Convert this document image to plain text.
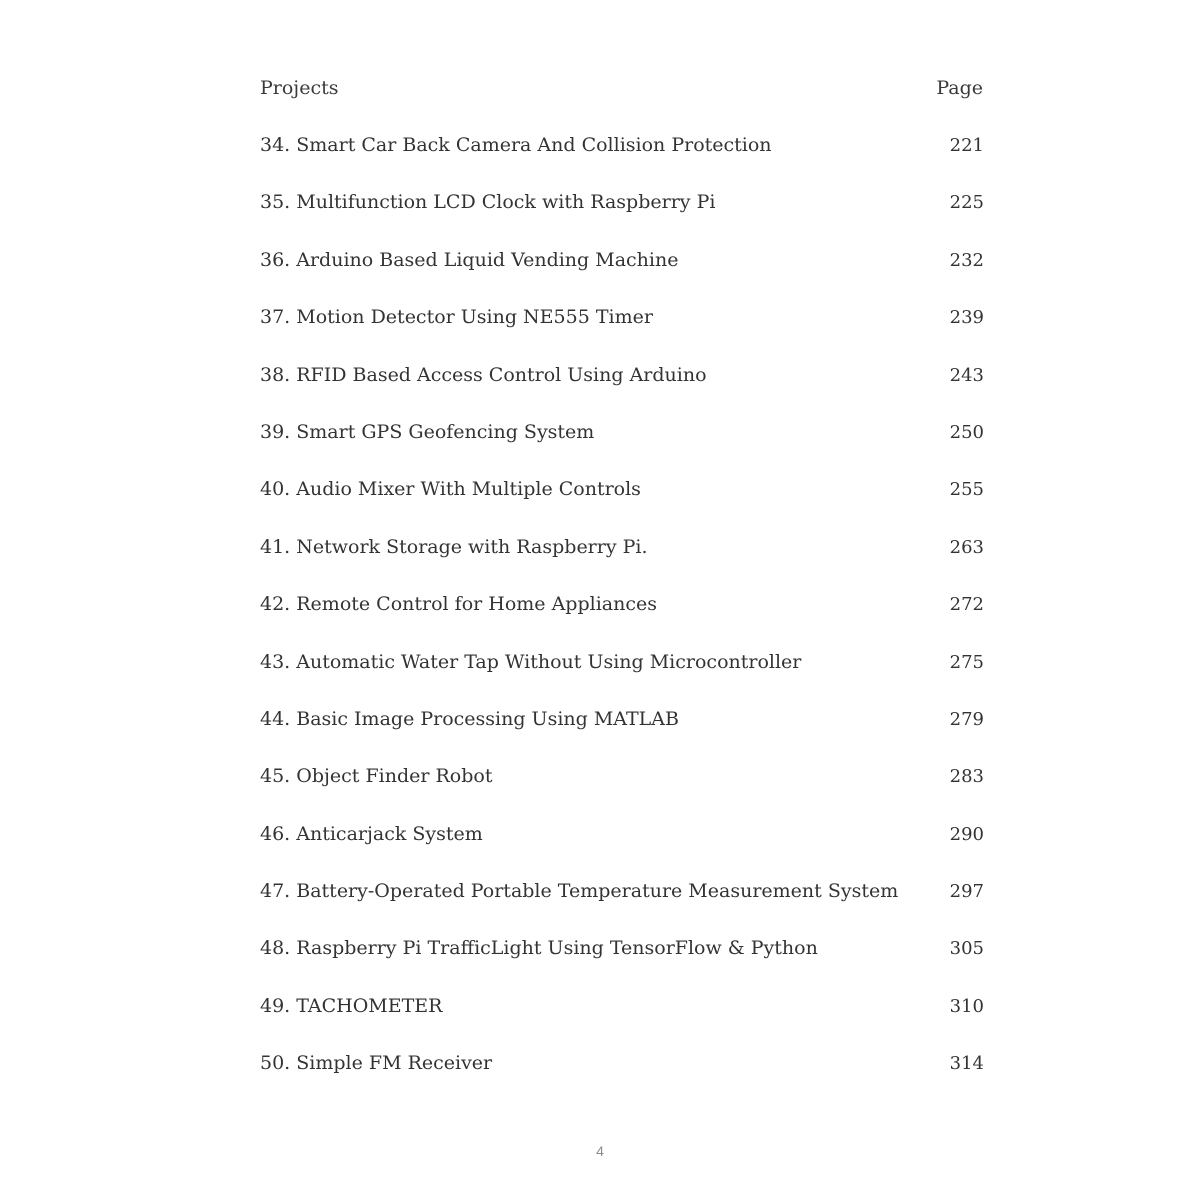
Projects	Page
34. Smart Car Back Camera And Collision Protection	221
35. Multifunction LCD Clock with Raspberry Pi	225
36. Arduino Based Liquid Vending Machine	232
37. Motion Detector Using NE555 Timer	239
38. RFID Based Access Control Using Arduino	243
39. Smart GPS Geofencing System	250
40. Audio Mixer With Multiple Controls	255
41. Network Storage with Raspberry Pi.	263
42. Remote Control for Home Appliances	272
43. Automatic Water Tap Without Using Microcontroller	275
44. Basic Image Processing Using MATLAB	279
45. Object Finder Robot	283
46. Anticarjack System	290
47. Battery-Operated Portable Temperature Measurement System	297
48. Raspberry Pi TrafficLight Using TensorFlow & Python	305
49. TACHOMETER	310
50. Simple FM Receiver	314
4
